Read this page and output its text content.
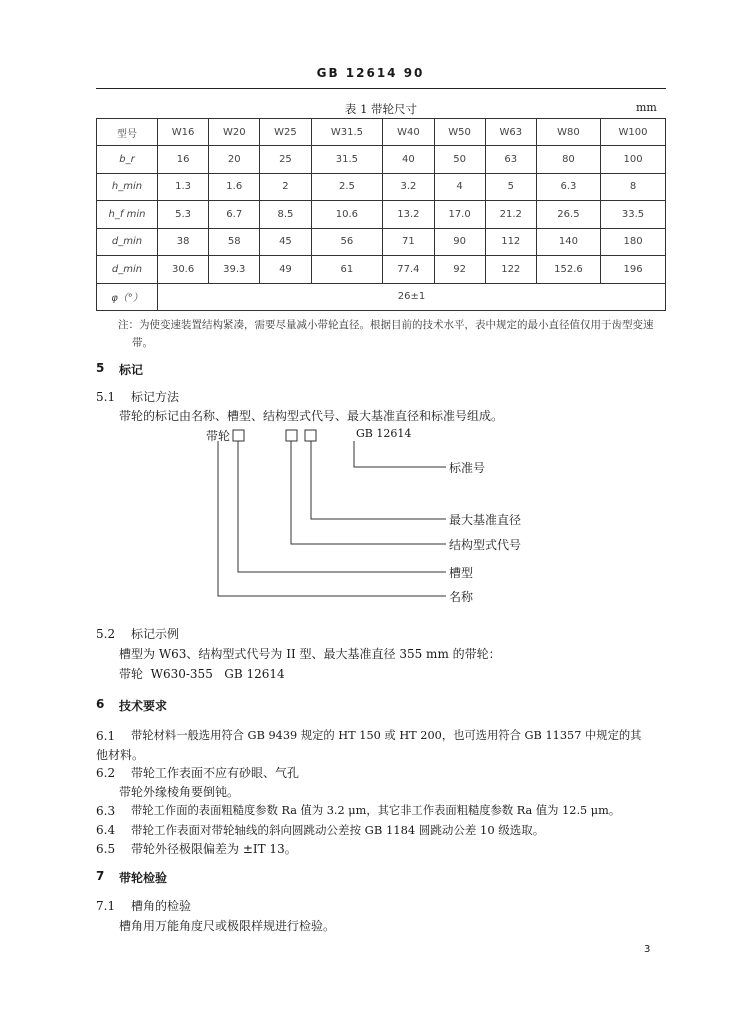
GB 12614 90
表 1 带轮尺寸	mm
型号	W16	W20	W25	W31.5	W40	W50	W63	W80	W100
b_r	16	20	25	31.5	40	50	63	80	100
h_min	1.3	1.6	2	2.5	3.2	4	5	6.3	8
h_f min	5.3	6.7	8.5	10.6	13.2	17.0	21.2	26.5	33.5
d_min	38	58	45	56	71	90	112	140	180
d_min	30.6	39.3	49	61	77.4	92	122	152.6	196
φ（°）	26±1								
注：为使变速装置结构紧凑，需要尽量减小带轮直径。根据目前的技术水平，表中规定的最小直径值仅用于齿型变速
带。
5 标记
5.1 标记方法
带轮的标记由名称、槽型、结构型式代号、最大基准直径和标准号组成。
带轮	GB 12614
标准号
最大基准直径
结构型式代号
槽型
名称
5.2 标记示例
槽型为 W63、结构型式代号为 II 型、最大基准直径 355 mm 的带轮：
带轮  W630-355   GB 12614
6 技术要求
6.1 带轮材料一般选用符合 GB 9439 规定的 HT 150 或 HT 200，也可选用符合 GB 11357 中规定的其
他材料。
6.2 带轮工作表面不应有砂眼、气孔
带轮外缘棱角要倒钝。
6.3 带轮工作面的表面粗糙度参数 Ra 值为 3.2 μm，其它非工作表面粗糙度参数 Ra 值为 12.5 μm。
6.4 带轮工作表面对带轮轴线的斜向圆跳动公差按 GB 1184 圆跳动公差 10 级选取。
6.5 带轮外径极限偏差为 ±IT 13。
7 带轮检验
7.1 槽角的检验
槽角用万能角度尺或极限样规进行检验。
3
